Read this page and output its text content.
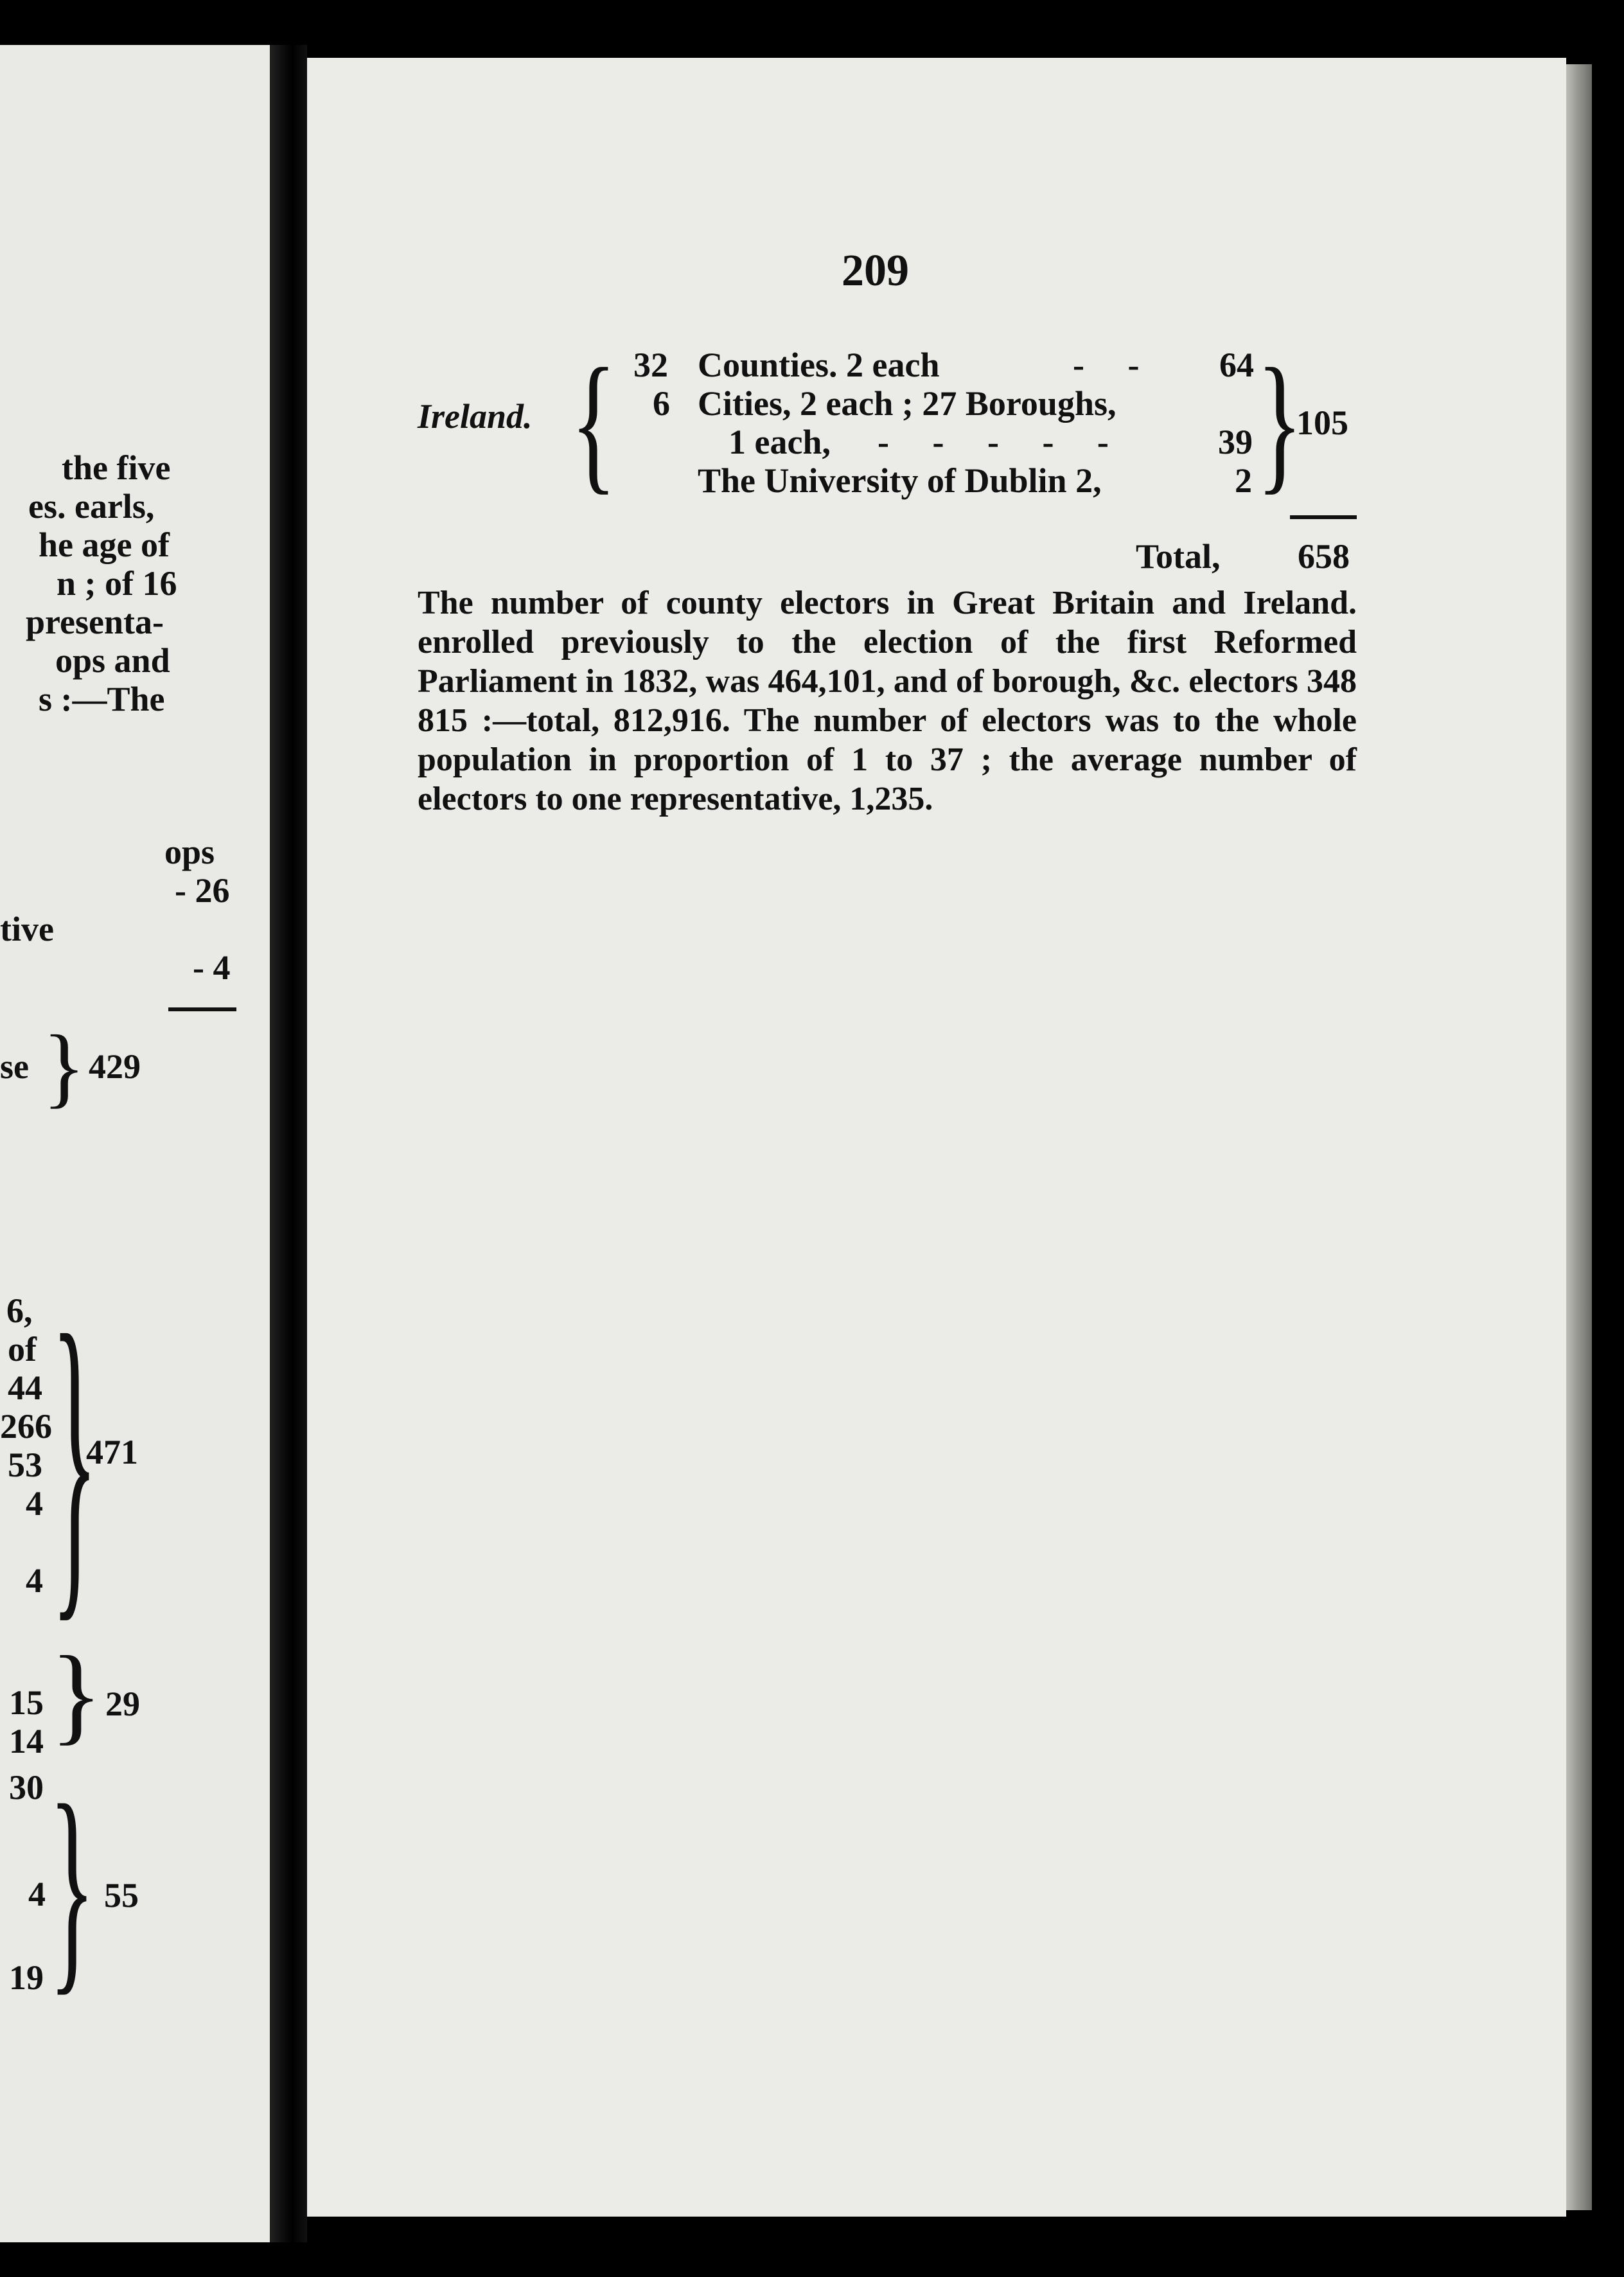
the five
es. earls,
he age of
n ; of 16
presenta-
ops and
s :—The
ops
- 26
tive
- 4
se } 429
6,
of
44
266
53
4
4 }
471
15
14 } 29
30
4
19 } 55
209
Ireland. { 32 Counties. 2 each	-     - 64
6 Cities, 2 each ; 27 Boroughs,
1 each, -     -     -     -     -	39
The University of Dublin 2,	2 }
105
Total, 658
The number of county electors in Great Britain and Ireland. enrolled previously to the election of the first Reformed Parliament in 1832, was 464,101, and of borough, &c. electors 348 815 :—total, 812,916. The number of electors was to the whole population in proportion of 1 to 37 ; the average number of electors to one representative, 1,235.
